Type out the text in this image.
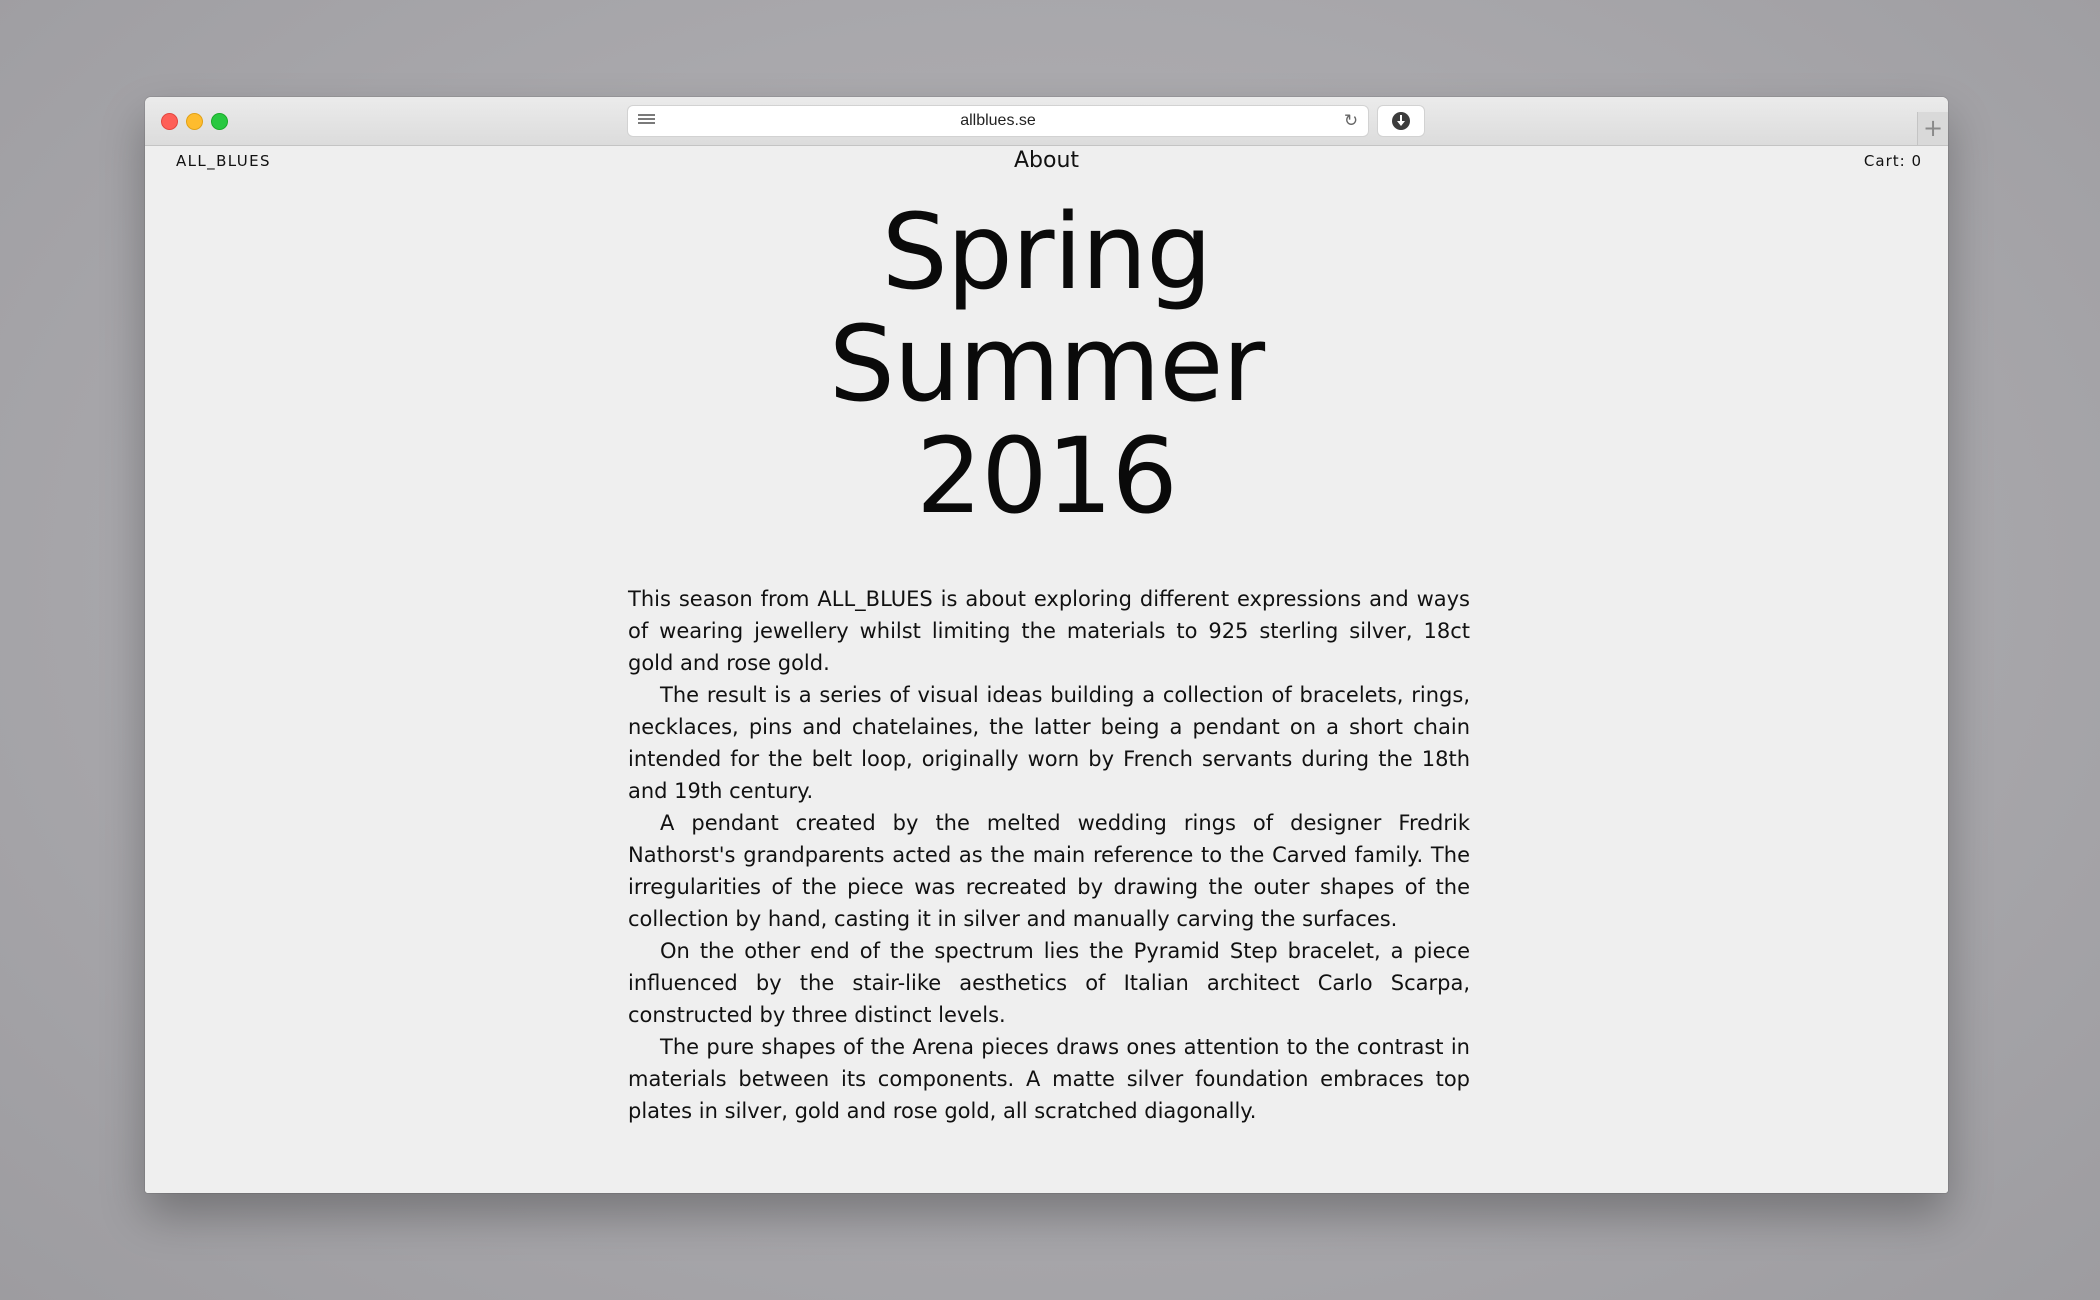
allblues.se	↻	+
ALL_BLUES	About	Cart: 0
Spring
Summer
2016

This season from ALL_BLUES is about exploring different expressions and ways of wearing jewellery whilst limiting the materials to 925 sterling silver, 18ct gold and rose gold.

The result is a series of visual ideas building a collection of bracelets, rings, necklaces, pins and chatelaines, the latter being a pendant on a short chain intended for the belt loop, originally worn by French servants during the 18th and 19th century.

A pendant created by the melted wedding rings of designer Fredrik Nathorst's grandparents acted as the main reference to the Carved family. The irregularities of the piece was recreated by drawing the outer shapes of the collection by hand, casting it in silver and manually carving the surfaces.

On the other end of the spectrum lies the Pyramid Step bracelet, a piece influenced by the stair-like aesthetics of Italian architect Carlo Scarpa, constructed by three distinct levels.

The pure shapes of the Arena pieces draws ones attention to the contrast in materials between its components. A matte silver foundation embraces top plates in silver, gold and rose gold, all scratched diagonally.
